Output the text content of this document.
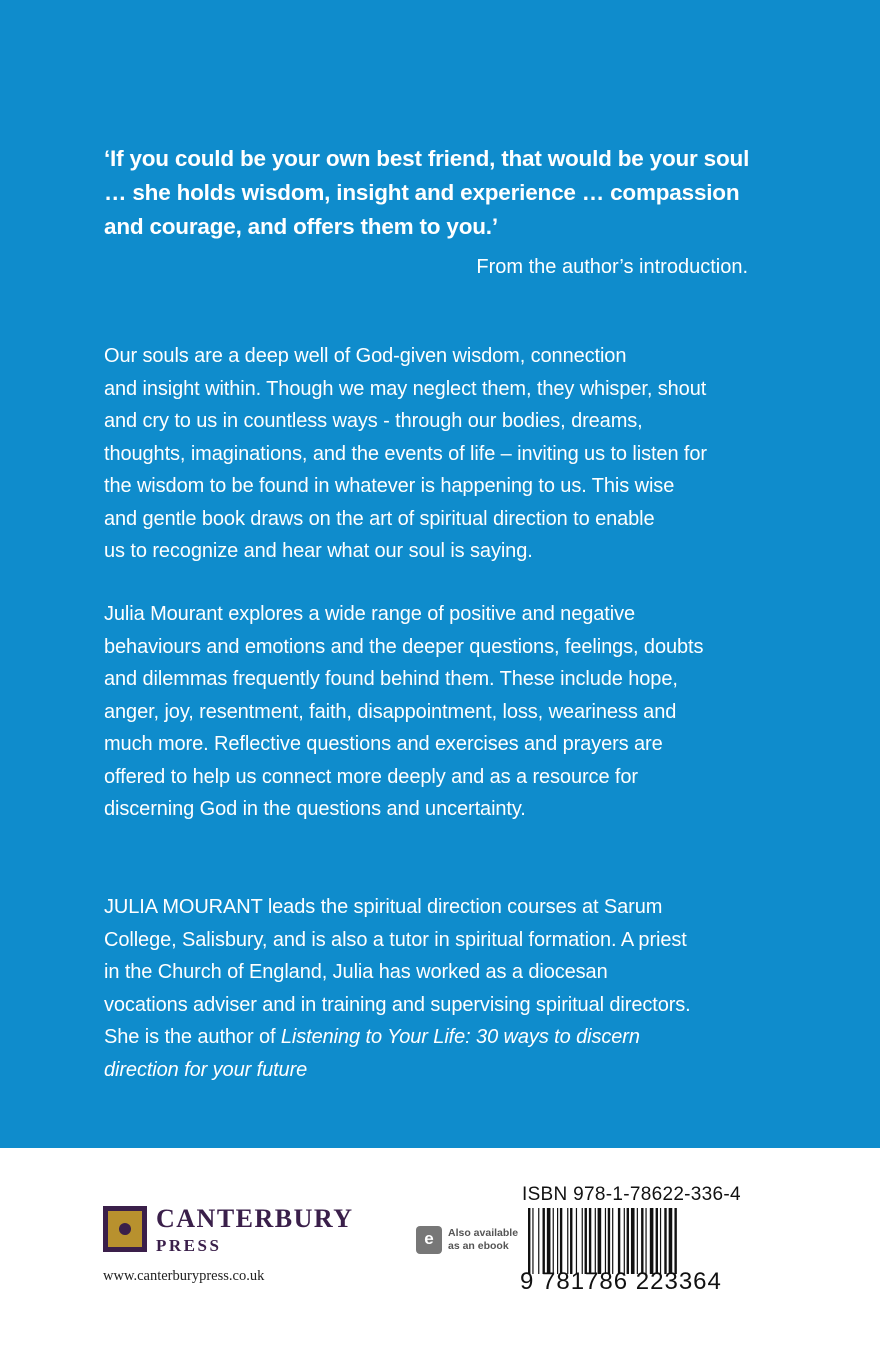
‘If you could be your own best friend, that would be your soul
… she holds wisdom, insight and experience … compassion
and courage, and offers them to you.’
From the author’s introduction.
Our souls are a deep well of God-given wisdom, connection
and insight within. Though we may neglect them, they whisper, shout
and cry to us in countless ways - through our bodies, dreams,
thoughts, imaginations, and the events of life – inviting us to listen for
the wisdom to be found in whatever is happening to us. This wise
and gentle book draws on the art of spiritual direction to enable
us to recognize and hear what our soul is saying.
Julia Mourant explores a wide range of positive and negative
behaviours and emotions and the deeper questions, feelings, doubts
and dilemmas frequently found behind them. These include hope,
anger, joy, resentment, faith, disappointment, loss, weariness and
much more. Reflective questions and exercises and prayers are
offered to help us connect more deeply and as a resource for
discerning God in the questions and uncertainty.
JULIA MOURANT leads the spiritual direction courses at Sarum
College, Salisbury, and is also a tutor in spiritual formation. A priest
in the Church of England, Julia has worked as a diocesan
vocations adviser and in training and supervising spiritual directors.
She is the author of Listening to Your Life: 30 ways to discern
direction for your future
CANTERBURY
PRESS
www.canterburypress.co.uk
e	Also available
as an ebook
ISBN 978-1-78622-336-4
9 781786 223364
